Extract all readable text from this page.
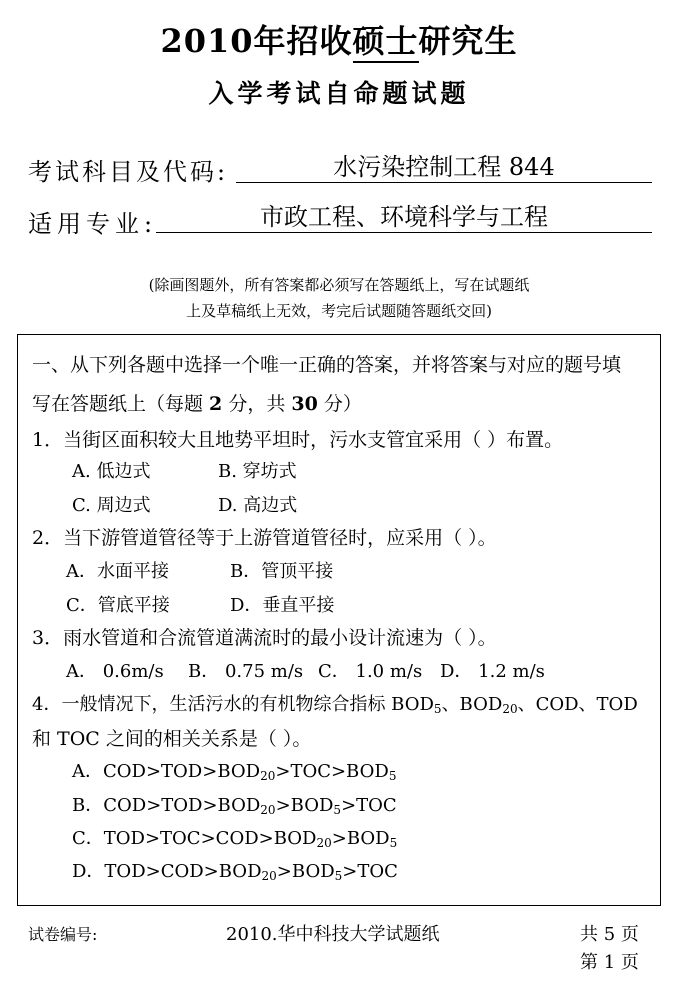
2010年招收硕士研究生
入学考试自命题试题
考试科目及代码:	水污染控制工程 844
适用专业:	市政工程、环境科学与工程
(除画图题外，所有答案都必须写在答题纸上，写在试题纸
上及草稿纸上无效，考完后试题随答题纸交回)
一、从下列各题中选择一个唯一正确的答案，并将答案与对应的题号填
写在答题纸上（每题 2 分，共 30 分）
1．当街区面积较大且地势平坦时，污水支管宜采用（ ）布置。
A. 低边式	B. 穿坊式
C. 周边式	D. 高边式
2．当下游管道管径等于上游管道管径时，应采用（ ）。
A．水面平接	B．管顶平接
C．管底平接	D．垂直平接
3．雨水管道和合流管道满流时的最小设计流速为（ ）。
A． 0.6m/s B． 0.75 m/s C． 1.0 m/s D． 1.2 m/s
4．一般情况下，生活污水的有机物综合指标 $BOD_5$、$BOD_{20}$、COD、TOD
和 TOC 之间的相关关系是（ ）。
A．$COD>TOD>BOD_{20}>TOC>BOD_5$
B．$COD>TOD>BOD_{20}>BOD_5>TOC$
C．$TOD>TOC>COD>BOD_{20}>BOD_5$
D．$TOD>COD>BOD_{20}>BOD_5>TOC$
试卷编号:	2010.华中科技大学试题纸	共 5 页
第 1 页
